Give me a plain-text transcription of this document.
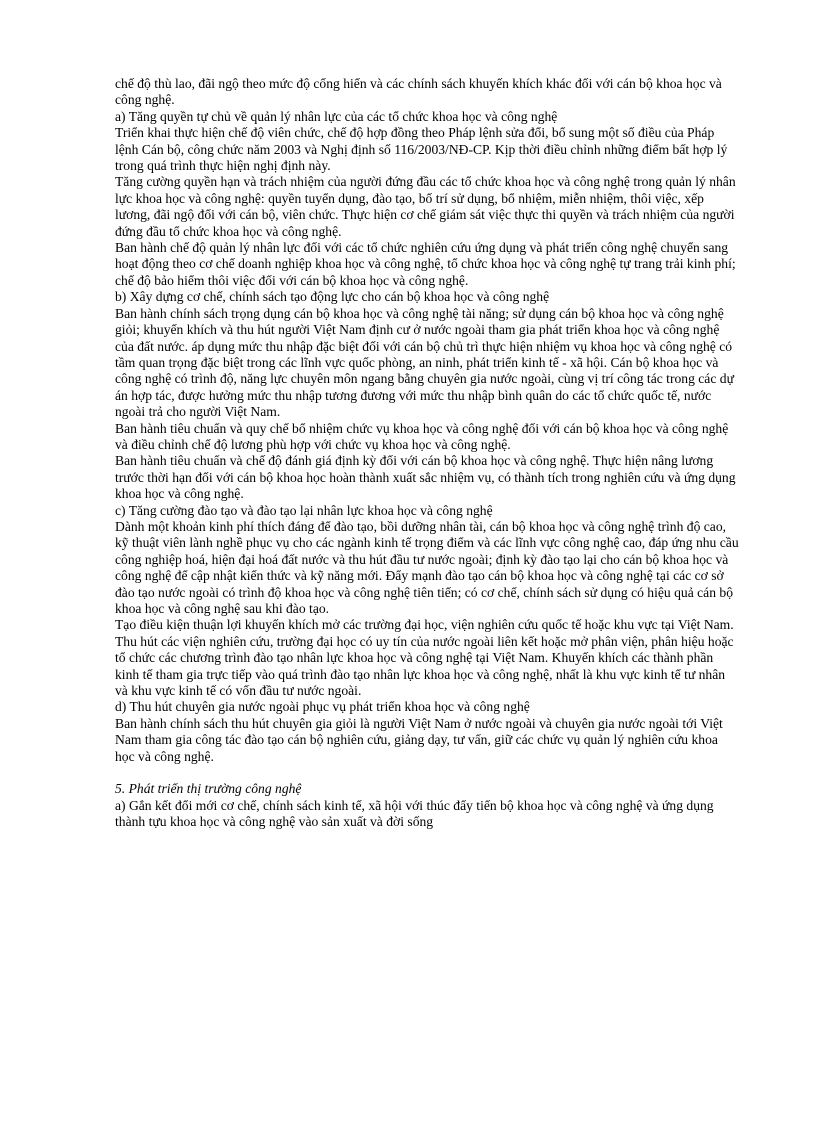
chế độ thù lao, đãi ngộ theo mức độ cống hiến và các chính sách khuyến khích khác đối với cán bộ khoa học và công nghệ.

a) Tăng quyền tự chủ về quản lý nhân lực của các tổ chức khoa học và công nghệ

Triển khai thực hiện chế độ viên chức, chế độ hợp đồng theo Pháp lệnh sửa đổi, bổ sung một số điều của Pháp lệnh Cán bộ, công chức năm 2003 và Nghị định số 116/2003/NĐ-CP. Kịp thời điều chỉnh những điểm bất hợp lý trong quá trình thực hiện nghị định này.

Tăng cường quyền hạn và trách nhiệm của người đứng đầu các tổ chức khoa học và công nghệ trong quản lý nhân lực khoa học và công nghệ: quyền tuyển dụng, đào tạo, bố trí sử dụng, bổ nhiệm, miễn nhiệm, thôi việc, xếp lương, đãi ngộ đối với cán bộ, viên chức. Thực hiện cơ chế giám sát việc thực thi quyền và trách nhiệm của người đứng đầu tổ chức khoa học và công nghệ.

Ban hành chế độ quản lý nhân lực đối với các tổ chức nghiên cứu ứng dụng và phát triển công nghệ chuyển sang hoạt động theo cơ chế doanh nghiệp khoa học và công nghệ, tổ chức khoa học và công nghệ tự trang trải kinh phí; chế độ bảo hiểm thôi việc đối với cán bộ khoa học và công nghệ.

b) Xây dựng cơ chế, chính sách tạo động lực cho cán bộ khoa học và công nghệ

Ban hành chính sách trọng dụng cán bộ khoa học và công nghệ tài năng; sử dụng cán bộ khoa học và công nghệ giỏi; khuyến khích và thu hút người Việt Nam định cư ở nước ngoài tham gia phát triển khoa học và công nghệ của đất nước. áp dụng mức thu nhập đặc biệt đối với cán bộ chủ trì thực hiện nhiệm vụ khoa học và công nghệ có tầm quan trọng đặc biệt trong các lĩnh vực quốc phòng, an ninh, phát triển kinh tế - xã hội. Cán bộ khoa học và công nghệ có trình độ, năng lực chuyên môn ngang bằng chuyên gia nước ngoài, cùng vị trí công tác trong các dự án hợp tác, được hưởng mức thu nhập tương đương với mức thu nhập bình quân do các tổ chức quốc tế, nước ngoài trả cho người Việt Nam.

Ban hành tiêu chuẩn và quy chế bổ nhiệm chức vụ khoa học và công nghệ đối với cán bộ khoa học và công nghệ và điều chỉnh chế độ lương phù hợp với chức vụ khoa học và công nghệ.

Ban hành tiêu chuẩn và chế độ đánh giá định kỳ đối với cán bộ khoa học và công nghệ. Thực hiện nâng lương trước thời hạn đối với cán bộ khoa học hoàn thành xuất sắc nhiệm vụ, có thành tích trong nghiên cứu và ứng dụng khoa học và công nghệ.

c) Tăng cường đào tạo và đào tạo lại nhân lực khoa học và công nghệ

Dành một khoản kinh phí thích đáng để đào tạo, bồi dưỡng nhân tài, cán bộ khoa học và công nghệ trình độ cao, kỹ thuật viên lành nghề phục vụ cho các ngành kinh tế trọng điểm và các lĩnh vực công nghệ cao, đáp ứng nhu cầu công nghiệp hoá, hiện đại hoá đất nước và thu hút đầu tư nước ngoài; định kỳ đào tạo lại cho cán bộ khoa học và công nghệ để cập nhật kiến thức và kỹ năng mới. Đẩy mạnh đào tạo cán bộ khoa học và công nghệ tại các cơ sở đào tạo nước ngoài có trình độ khoa học và công nghệ tiên tiến; có cơ chế, chính sách sử dụng có hiệu quả cán bộ khoa học và công nghệ sau khi đào tạo.

Tạo điều kiện thuận lợi khuyến khích mở các trường đại học, viện nghiên cứu quốc tế hoặc khu vực tại Việt Nam. Thu hút các viện nghiên cứu, trường đại học có uy tín của nước ngoài liên kết hoặc mở phân viện, phân hiệu hoặc tổ chức các chương trình đào tạo nhân lực khoa học và công nghệ tại Việt Nam. Khuyến khích các thành phần kinh tế tham gia trực tiếp vào quá trình đào tạo nhân lực khoa học và công nghệ, nhất là khu vực kinh tế tư nhân và khu vực kinh tế có vốn đầu tư nước ngoài.

d) Thu hút chuyên gia nước ngoài phục vụ phát triển khoa học và công nghệ

Ban hành chính sách thu hút chuyên gia giỏi là người Việt Nam ở nước ngoài và chuyên gia nước ngoài tới Việt Nam tham gia công tác đào tạo cán bộ nghiên cứu, giảng dạy, tư vấn, giữ các chức vụ quản lý nghiên cứu khoa học và công nghệ.

5. Phát triển thị trường công nghệ

a) Gắn kết đổi mới cơ chế, chính sách kinh tế, xã hội với thúc đẩy tiến bộ khoa học và công nghệ và ứng dụng thành tựu khoa học và công nghệ vào sản xuất và đời sống
